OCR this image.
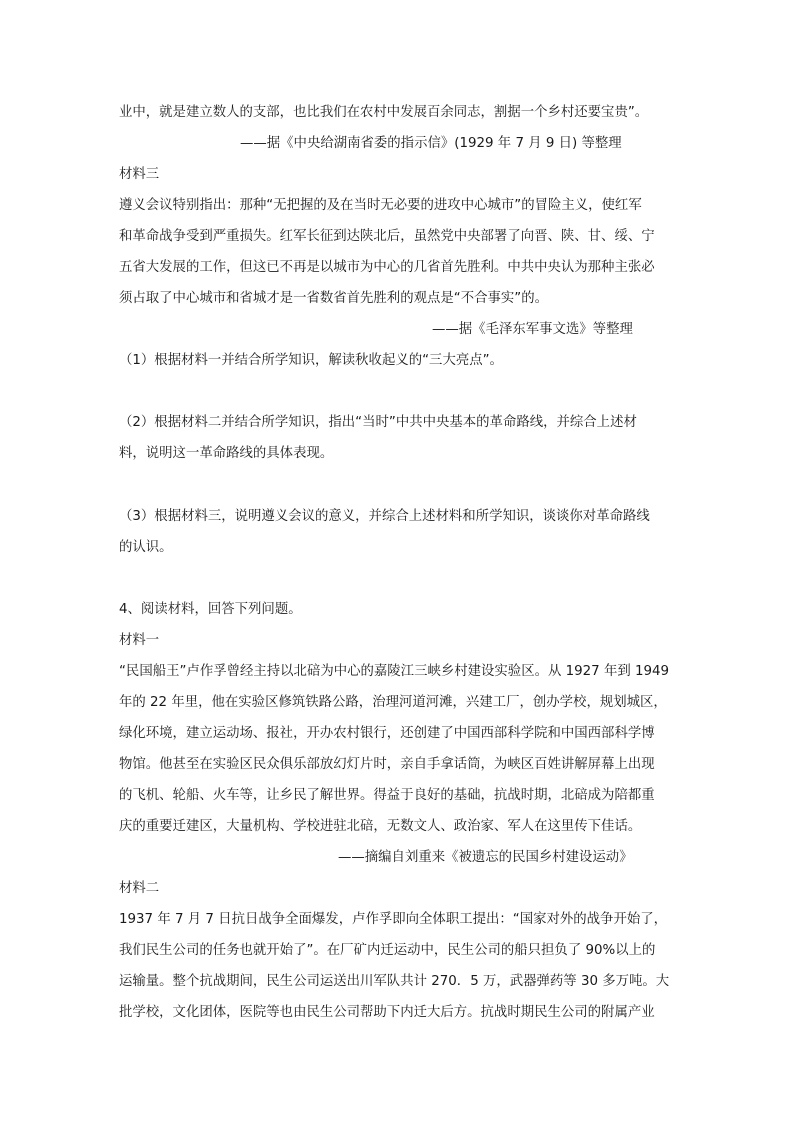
业中，就是建立数人的支部，也比我们在农村中发展百余同志，割据一个乡村还要宝贵”。
——据《中央给湖南省委的指示信》(1929 年 7 月 9 日) 等整理
材料三
遵义会议特别指出：那种“无把握的及在当时无必要的进攻中心城市”的冒险主义，使红军
和革命战争受到严重损失。红军长征到达陕北后，虽然党中央部署了向晋、陕、甘、绥、宁
五省大发展的工作，但这已不再是以城市为中心的几省首先胜利。中共中央认为那种主张必
须占取了中心城市和省城才是一省数省首先胜利的观点是“不合事实”的。
——据《毛泽东军事文选》等整理
（1）根据材料一并结合所学知识，解读秋收起义的“三大亮点”。
（2）根据材料二并结合所学知识，指出“当时”中共中央基本的革命路线，并综合上述材
料，说明这一革命路线的具体表现。
（3）根据材料三，说明遵义会议的意义，并综合上述材料和所学知识，谈谈你对革命路线
的认识。
4、阅读材料，回答下列问题。
材料一
“民国船王”卢作孚曾经主持以北碚为中心的嘉陵江三峡乡村建设实验区。从 1927 年到 1949
年的 22 年里，他在实验区修筑铁路公路，治理河道河滩，兴建工厂，创办学校，规划城区，
绿化环境，建立运动场、报社，开办农村银行，还创建了中国西部科学院和中国西部科学博
物馆。他甚至在实验区民众俱乐部放幻灯片时，亲自手拿话筒，为峡区百姓讲解屏幕上出现
的飞机、轮船、火车等，让乡民了解世界。得益于良好的基础，抗战时期，北碚成为陪都重
庆的重要迁建区，大量机构、学校进驻北碚，无数文人、政治家、军人在这里传下佳话。
——摘编自刘重来《被遗忘的民国乡村建设运动》
材料二
1937 年 7 月 7 日抗日战争全面爆发，卢作孚即向全体职工提出：“国家对外的战争开始了，
我们民生公司的任务也就开始了”。在厂矿内迁运动中，民生公司的船只担负了 90%以上的
运输量。整个抗战期间，民生公司运送出川军队共计 270．5 万，武器弹药等 30 多万吨。大
批学校，文化团体，医院等也由民生公司帮助下内迁大后方。抗战时期民生公司的附属产业
